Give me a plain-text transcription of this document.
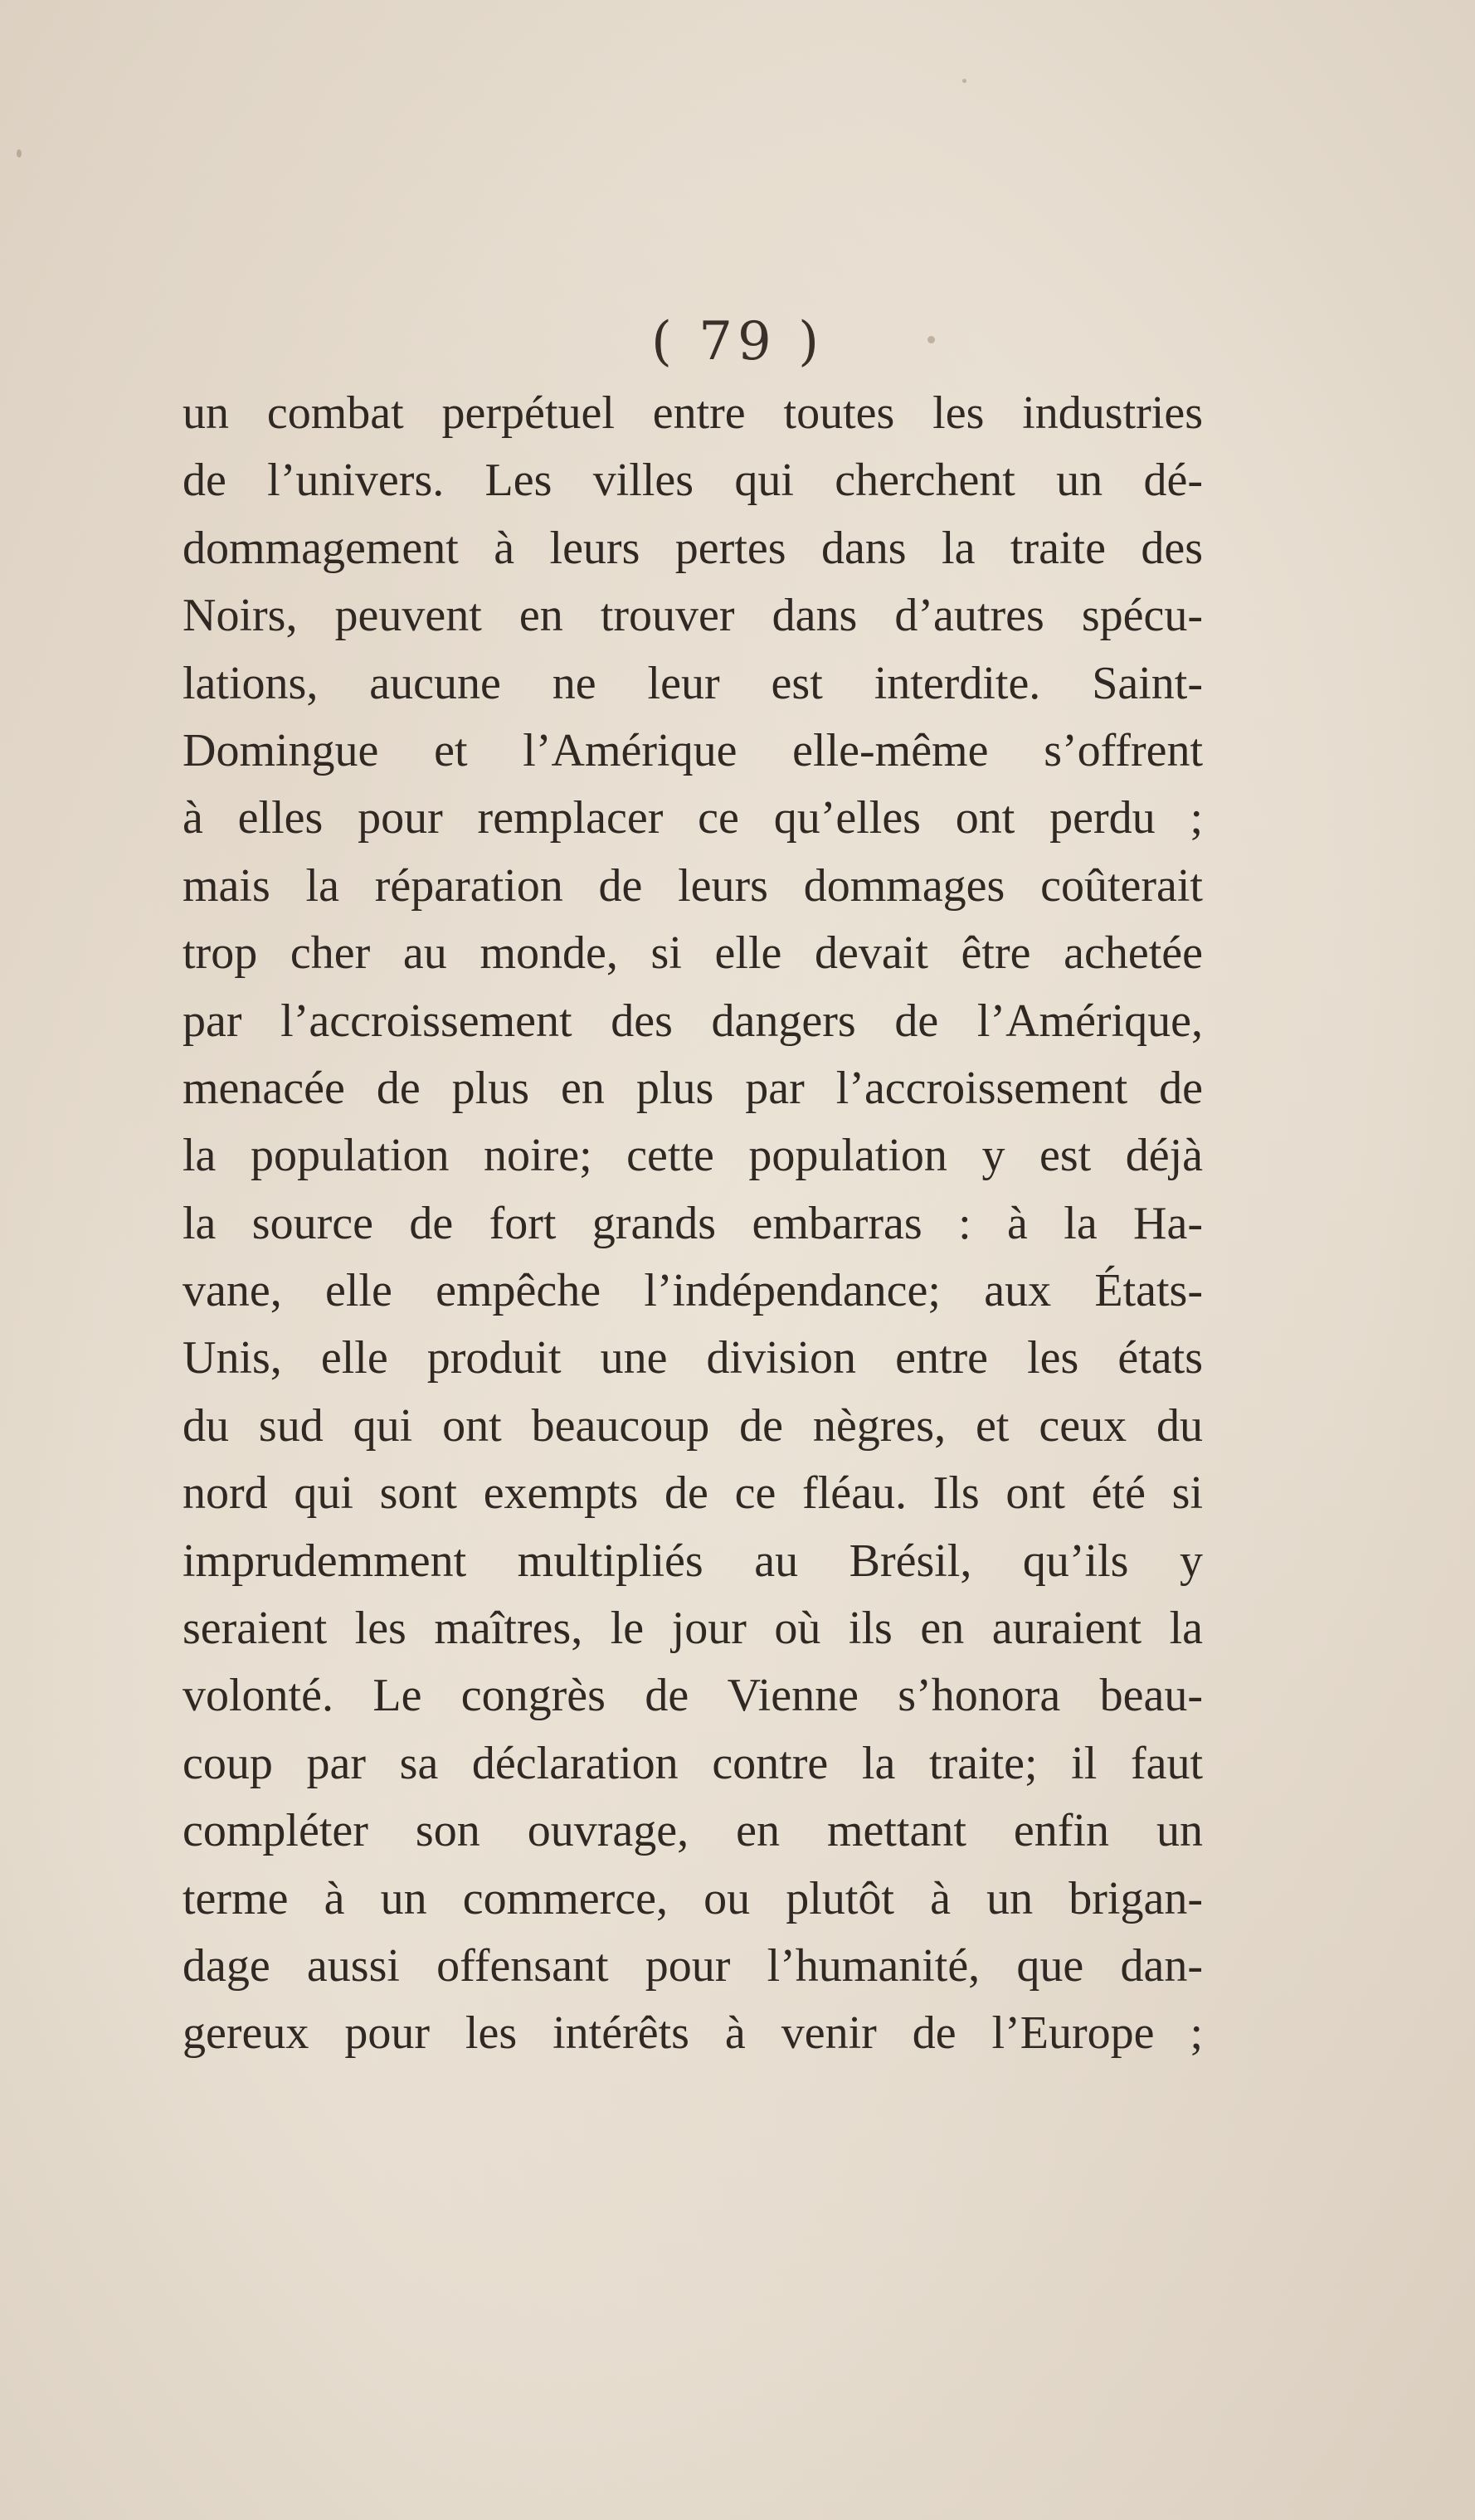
( 79 )
un combat perpétuel entre toutes les industries
de l’univers. Les villes qui cherchent un dé-
dommagement à leurs pertes dans la traite des
Noirs, peuvent en trouver dans d’autres spécu-
lations, aucune ne leur est interdite. Saint-
Domingue et l’Amérique elle-même s’offrent
à elles pour remplacer ce qu’elles ont perdu ;
mais la réparation de leurs dommages coûterait
trop cher au monde, si elle devait être achetée
par l’accroissement des dangers de l’Amérique,
menacée de plus en plus par l’accroissement de
la population noire; cette population y est déjà
la source de fort grands embarras : à la Ha-
vane, elle empêche l’indépendance; aux États-
Unis, elle produit une division entre les états
du sud qui ont beaucoup de nègres, et ceux du
nord qui sont exempts de ce fléau. Ils ont été si
imprudemment multipliés au Brésil, qu’ils y
seraient les maîtres, le jour où ils en auraient la
volonté. Le congrès de Vienne s’honora beau-
coup par sa déclaration contre la traite; il faut
compléter son ouvrage, en mettant enfin un
terme à un commerce, ou plutôt à un brigan-
dage aussi offensant pour l’humanité, que dan-
gereux pour les intérêts à venir de l’Europe ;
